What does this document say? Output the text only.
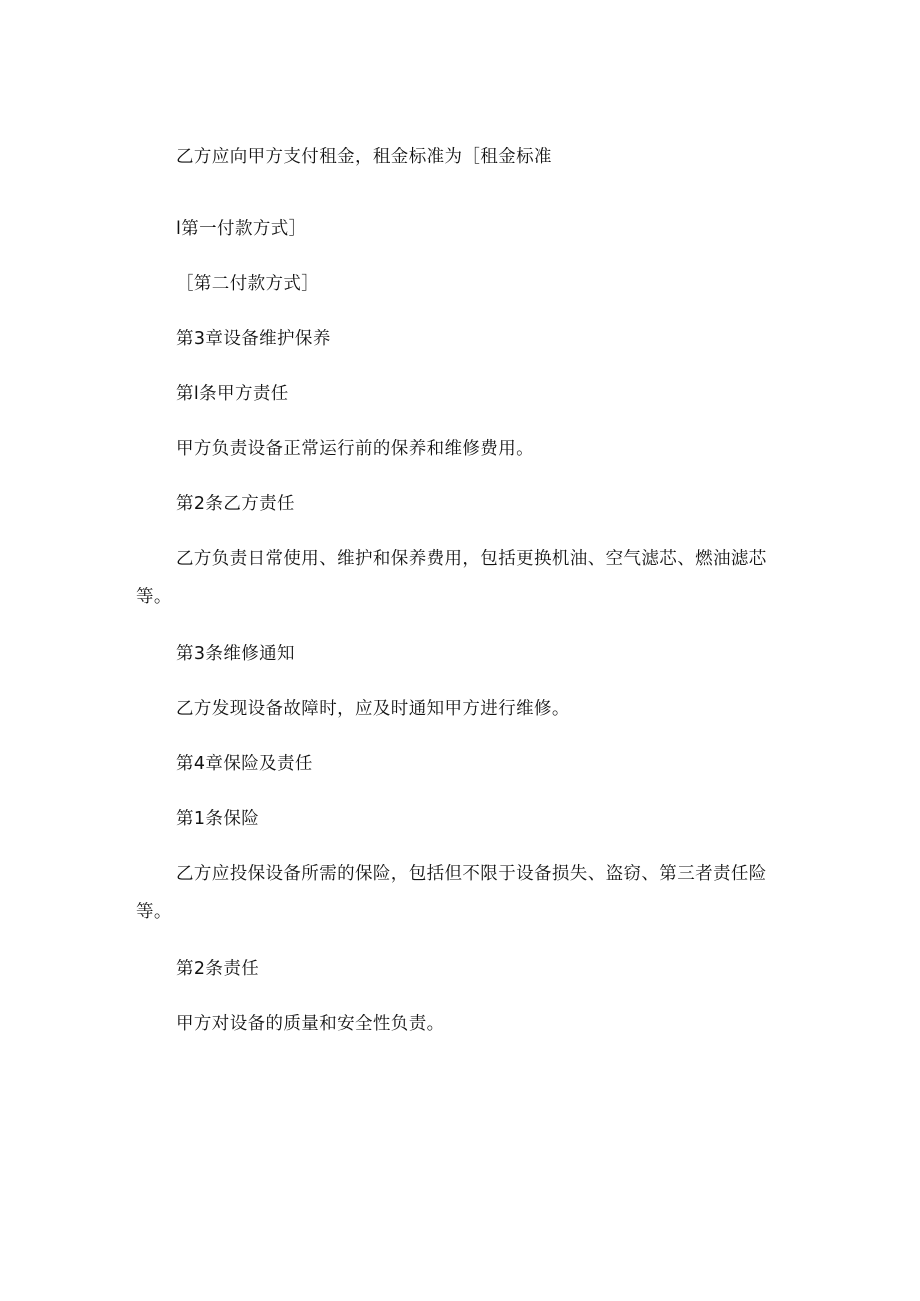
乙方应向甲方支付租金，租金标准为［租金标准

l第一付款方式］

［第二付款方式］

第3章设备维护保养

第l条甲方责任

甲方负责设备正常运行前的保养和维修费用。

第2条乙方责任

乙方负责日常使用、维护和保养费用，包括更换机油、空气滤芯、燃油滤芯等。

第3条维修通知

乙方发现设备故障时，应及时通知甲方进行维修。

第4章保险及责任

第1条保险

乙方应投保设备所需的保险，包括但不限于设备损失、盗窃、第三者责任险等。

第2条责任

甲方对设备的质量和安全性负责。
